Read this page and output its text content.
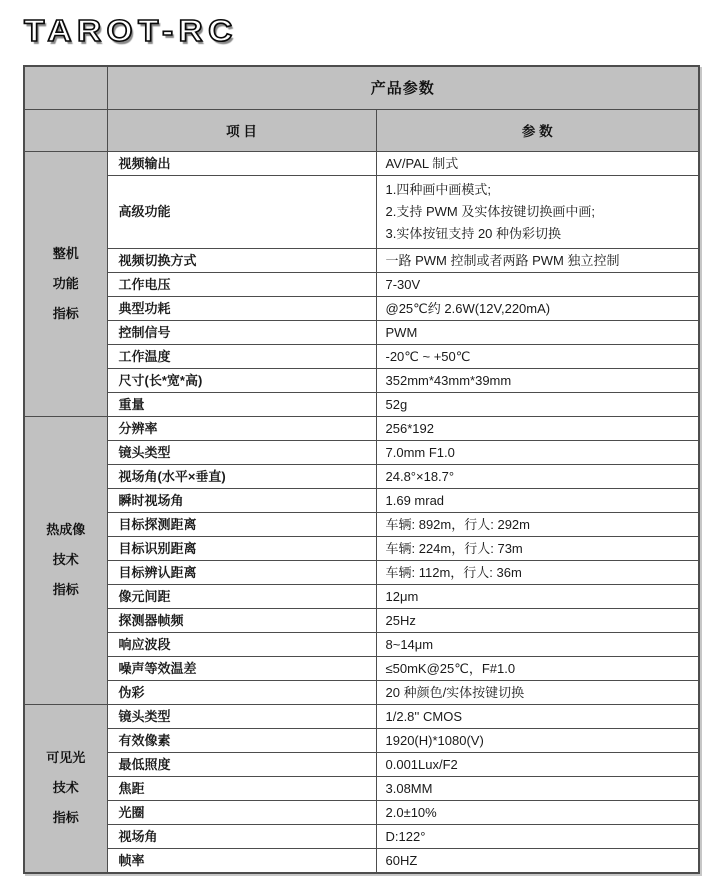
TAROT-RC
	产品参数	
	项 目	参 数

整机
功能
指标	视频输出	AV/PAL 制式
	高级功能	1.四种画中画模式;
2.支持 PWM 及实体按键切换画中画;
3.实体按钮支持 20 种伪彩切换

	视频切换方式	一路 PWM 控制或者两路 PWM 独立控制
	工作电压	7-30V
	典型功耗	@25℃约 2.6W(12V,220mA)
	控制信号	PWM
	工作温度	-20℃ ~ +50℃
	尺寸(长*宽*高)	352mm*43mm*39mm
	重量	52g

热成像
技术
指标	分辨率	256*192
	镜头类型	7.0mm F1.0
	视场角(水平×垂直)	24.8°×18.7°
	瞬时视场角	1.69 mrad
	目标探测距离	车辆: 892m，行人: 292m
	目标识别距离	车辆: 224m，行人: 73m
	目标辨认距离	车辆: 112m，行人: 36m
	像元间距	12μm
	探测器帧频	25Hz
	响应波段	8~14μm
	噪声等效温差	≤50mK@25℃，F#1.0
	伪彩	20 种颜色/实体按键切换

可见光
技术
指标	镜头类型	1/2.8'' CMOS
	有效像素	1920(H)*1080(V)
	最低照度	0.001Lux/F2
	焦距	3.08MM
	光圈	2.0±10%
	视场角	D:122°
	帧率	60HZ
